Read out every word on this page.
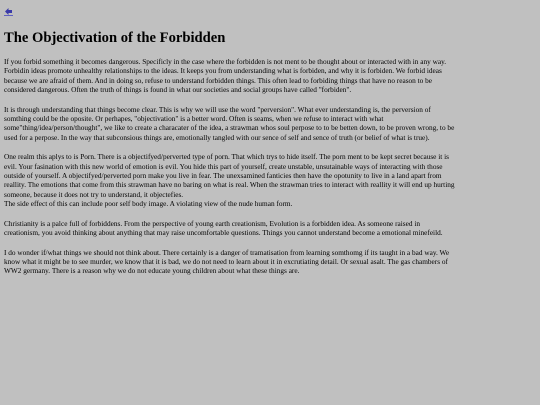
The Objectivation of the Forbidden

If you forbid something it becomes dangerous. Specificly in the case where the forbidden is not ment to be thought about or interacted with in any way.
Forbidin ideas promote unhealthy relationships to the ideas. It keeps you from understanding what is forbiden, and why it is forbiden. We forbid ideas
because we are afraid of them. And in doing so, refuse to understand forbidden things. This often lead to forbiding things that have no reason to be
considered dangerous. Often the truth of things is found in what our societies and social groups have called "forbiden".

It is through understanding that things become clear. This is why we will use the word "perversion". What ever understanding is, the perversion of
somthing could be the oposite. Or perhapes, "objectivation" is a better word. Often is seams, when we refuse to interact with what
some"thing/idea/person/thought", we like to create a characater of the idea, a strawman whos soul perpose to to be betten down, to be proven wrong, to be
used for a perpose. In the way that subconsious things are, emotionally tangled with our sence of self and sence of truth (or belief of what is true).

One realm this aplys to is Porn. There is a objectifyed/perverted type of porn. That which trys to hide itself. The porn ment to be kept secret because it is
evil. Your fasination with this new world of emotion is evil. You hide this part of yourself, create unstable, unsutainable ways of interacting with those
outside of yourself. A objectifyed/perverted porn make you live in fear. The unexsamined fanticies then have the opotunity to live in a land apart from
reallity. The emotions that come from this strawman have no baring on what is real. When the strawman tries to interact with reallity it will end up hurting
someone, because it does not try to understand, it objectefies.
The side effect of this can include poor self body image. A violating view of the nude human form.

Christianity is a palce full of forbiddens. From the perspective of young earth creationism, Evolution is a forbidden idea. As someone raised in
creationism, you avoid thinking about anything that may raise uncomfortable questions. Things you cannot understand become a emotional minefeild.

I do wonder if/what things we should not think about. There certainly is a danger of tramatisation from learning somthomg if its taught in a bad way. We
know what it might be to see murder, we know that it is bad, we do not need to learn about it in excrutiating detail. Or sexual asalt. The gas chambers of
WW2 germany. There is a reason why we do not educate young children about what these things are.
